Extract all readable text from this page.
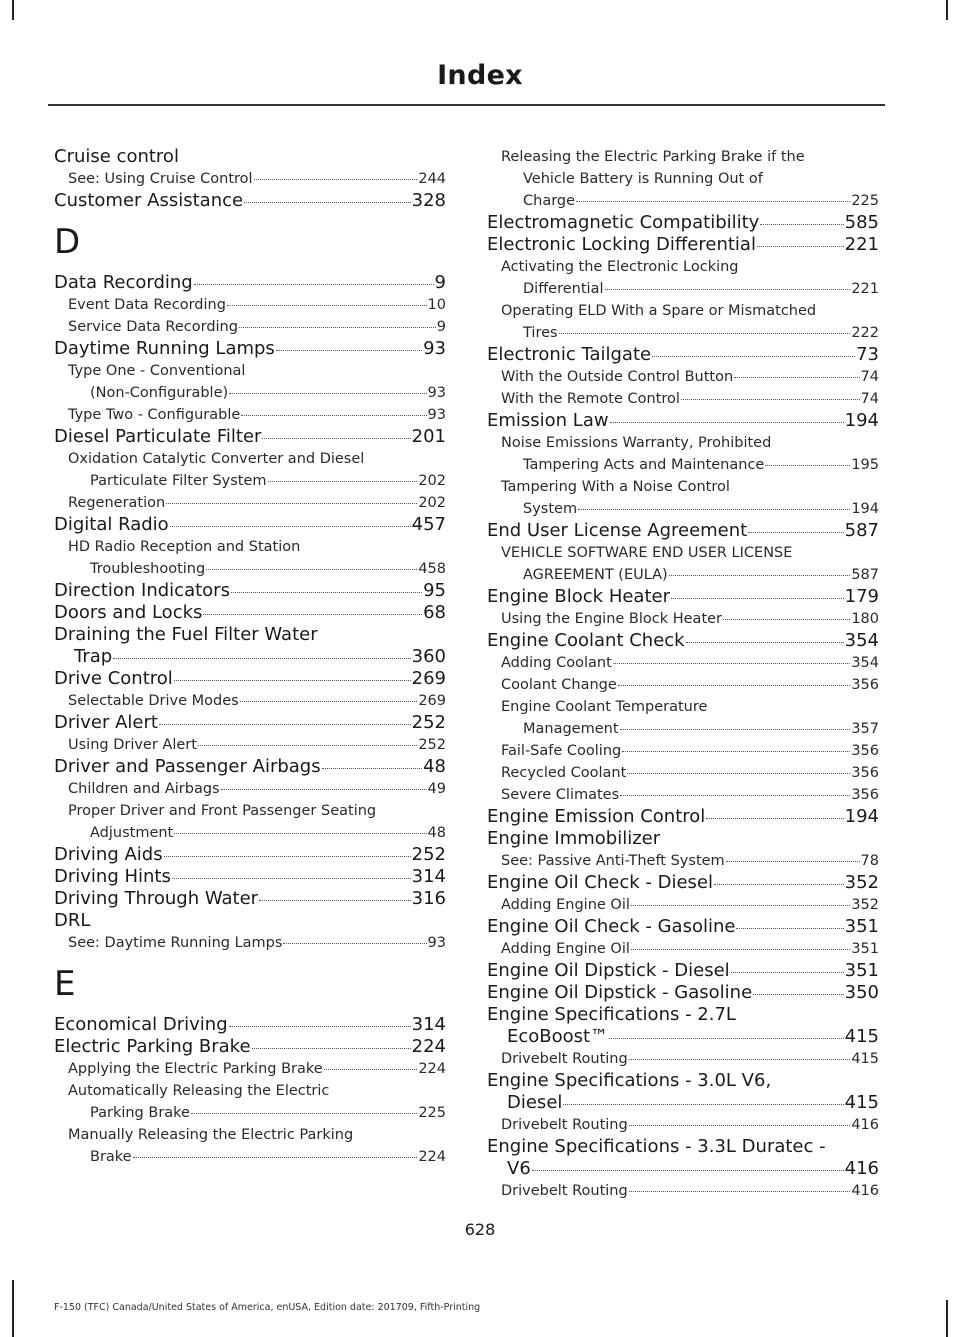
Index
Cruise control
See: Using Cruise Control	244
Customer Assistance	328
D
Data Recording	9
Event Data Recording	10
Service Data Recording	9
Daytime Running Lamps	93
Type One - Conventional
(Non-Configurable)	93
Type Two - Configurable	93
Diesel Particulate Filter	201
Oxidation Catalytic Converter and Diesel
Particulate Filter System	202
Regeneration	202
Digital Radio	457
HD Radio Reception and Station
Troubleshooting	458
Direction Indicators	95
Doors and Locks	68
Draining the Fuel Filter Water
Trap	360
Drive Control	269
Selectable Drive Modes	269
Driver Alert	252
Using Driver Alert	252
Driver and Passenger Airbags	48
Children and Airbags	49
Proper Driver and Front Passenger Seating
Adjustment	48
Driving Aids	252
Driving Hints	314
Driving Through Water	316
DRL
See: Daytime Running Lamps	93
E
Economical Driving	314
Electric Parking Brake	224
Applying the Electric Parking Brake	224
Automatically Releasing the Electric
Parking Brake	225
Manually Releasing the Electric Parking
Brake	224
Releasing the Electric Parking Brake if the
Vehicle Battery is Running Out of
Charge	225
Electromagnetic Compatibility	585
Electronic Locking Differential	221
Activating the Electronic Locking
Differential	221
Operating ELD With a Spare or Mismatched
Tires	222
Electronic Tailgate	73
With the Outside Control Button	74
With the Remote Control	74
Emission Law	194
Noise Emissions Warranty, Prohibited
Tampering Acts and Maintenance	195
Tampering With a Noise Control
System	194
End User License Agreement	587
VEHICLE SOFTWARE END USER LICENSE
AGREEMENT (EULA)	587
Engine Block Heater	179
Using the Engine Block Heater	180
Engine Coolant Check	354
Adding Coolant	354
Coolant Change	356
Engine Coolant Temperature
Management	357
Fail-Safe Cooling	356
Recycled Coolant	356
Severe Climates	356
Engine Emission Control	194
Engine Immobilizer
See: Passive Anti-Theft System	78
Engine Oil Check - Diesel	352
Adding Engine Oil	352
Engine Oil Check - Gasoline	351
Adding Engine Oil	351
Engine Oil Dipstick - Diesel	351
Engine Oil Dipstick - Gasoline	350
Engine Specifications - 2.7L
EcoBoost™	415
Drivebelt Routing	415
Engine Specifications - 3.0L V6,
Diesel	415
Drivebelt Routing	416
Engine Specifications - 3.3L Duratec -
V6	416
Drivebelt Routing	416
628
F-150 (TFC) Canada/United States of America, enUSA, Edition date: 201709, Fifth-Printing
